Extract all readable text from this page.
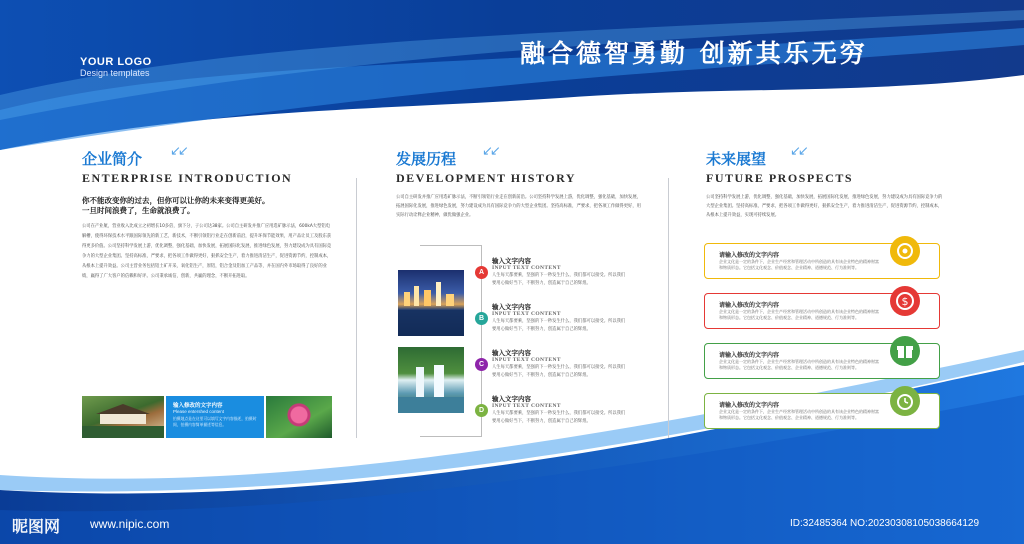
YOUR LOGO
Design templates
融合德智勇勤 创新其乐无穷
企业简介 ↙↙
ENTERPRISE INTRODUCTION
你不能改变你的过去，但你可以让你的未来变得更美好。
一旦时间浪费了，生命就浪费了。
公司在产业航，营业收入比成立之初增长10多倍，旗下分，子公司达38家。公司自主研发并推广应用选矿脉示法，600kA大型铝电解槽，使得环保技术水平跟国际领先的新工艺，新技术，不断引领铝行业走在创新前沿，提升环保节能效果，用产品让员工及股东获得更多价值。公司坚持科学发展上游，优化调整，强化基础，加快发展，拓展国际化发展，推进绿色发展，努力建设成为具有国际竞争力的大型企业集团。坚持高标准，严要求，把各项工作做得更好，狠抓安全生产，着力推进清洁生产，促进资源节约，控制成本，从根本上提升效益。公司主营业务包括铝土矿开采，氧化铝生产，原铝，铝合金及铝加工产品等，并在国内外市场取得了良好的业绩，赢得了广大客户的信赖和好评。公司秉承诚信，创新，共赢的理念，不断开拓进取。
输入修改的文字内容
Please entershed content
拍摄地点是在这里可以填写文字内容描述，拍摄时间，拍摄内容简单描述等信息。
发展历程 ↙↙
DEVELOPMENT HISTORY
公司自主研发并推广应用选矿脉示法，不断引领铝行业走在创新前沿。公司坚持科学发展上游，优化调整，强化基础，加快发展，拓展国际化发展，推进绿色发展，努力建设成为具有国际竞争力的大型企业集团。坚持高标准，严要求，把各项工作做得更好，用实际行动诠释企业精神，做优做强企业。
A
输入文字内容
INPUT TEXT CONTENT
人生每天都要乘，坚强的下一秒发生什么，我们都可以接受。所以我们要用心做好当下，不断努力，创造属于自己的辉煌。
B
输入文字内容
INPUT TEXT CONTENT
人生每天都要乘，坚强的下一秒发生什么，我们都可以接受。所以我们要用心做好当下，不断努力，创造属于自己的辉煌。
C
输入文字内容
INPUT TEXT CONTENT
人生每天都要乘，坚强的下一秒发生什么，我们都可以接受。所以我们要用心做好当下，不断努力，创造属于自己的辉煌。
D
输入文字内容
INPUT TEXT CONTENT
人生每天都要乘，坚强的下一秒发生什么，我们都可以接受。所以我们要用心做好当下，不断努力，创造属于自己的辉煌。
未来展望 ↙↙
FUTURE PROSPECTS
公司坚持科学发展上游，优化调整，强化基础，加快发展，拓展国际化发展，推进绿色发展，努力建设成为具有国际竞争力的大型企业集团。坚持高标准，严要求，把各项工作做得更好，狠抓安全生产，着力推进清洁生产，促进资源节约，控制成本，从根本上提升效益，实现可持续发展。
请输入修改的文字内容
企业文化是一定的条件下，企业生产经营和管理活动中所创造的具有该企业特色的精神财富和物质形态。它包括文化观念、价值观念、企业精神、道德规范、行为准则等。
请输入修改的文字内容
企业文化是一定的条件下，企业生产经营和管理活动中所创造的具有该企业特色的精神财富和物质形态。它包括文化观念、价值观念、企业精神、道德规范、行为准则等。
$
请输入修改的文字内容
企业文化是一定的条件下，企业生产经营和管理活动中所创造的具有该企业特色的精神财富和物质形态。它包括文化观念、价值观念、企业精神、道德规范、行为准则等。
请输入修改的文字内容
企业文化是一定的条件下，企业生产经营和管理活动中所创造的具有该企业特色的精神财富和物质形态。它包括文化观念、价值观念、企业精神、道德规范、行为准则等。
昵图网 www.nipic.com	ID:32485364 NO:20230308105038664129
